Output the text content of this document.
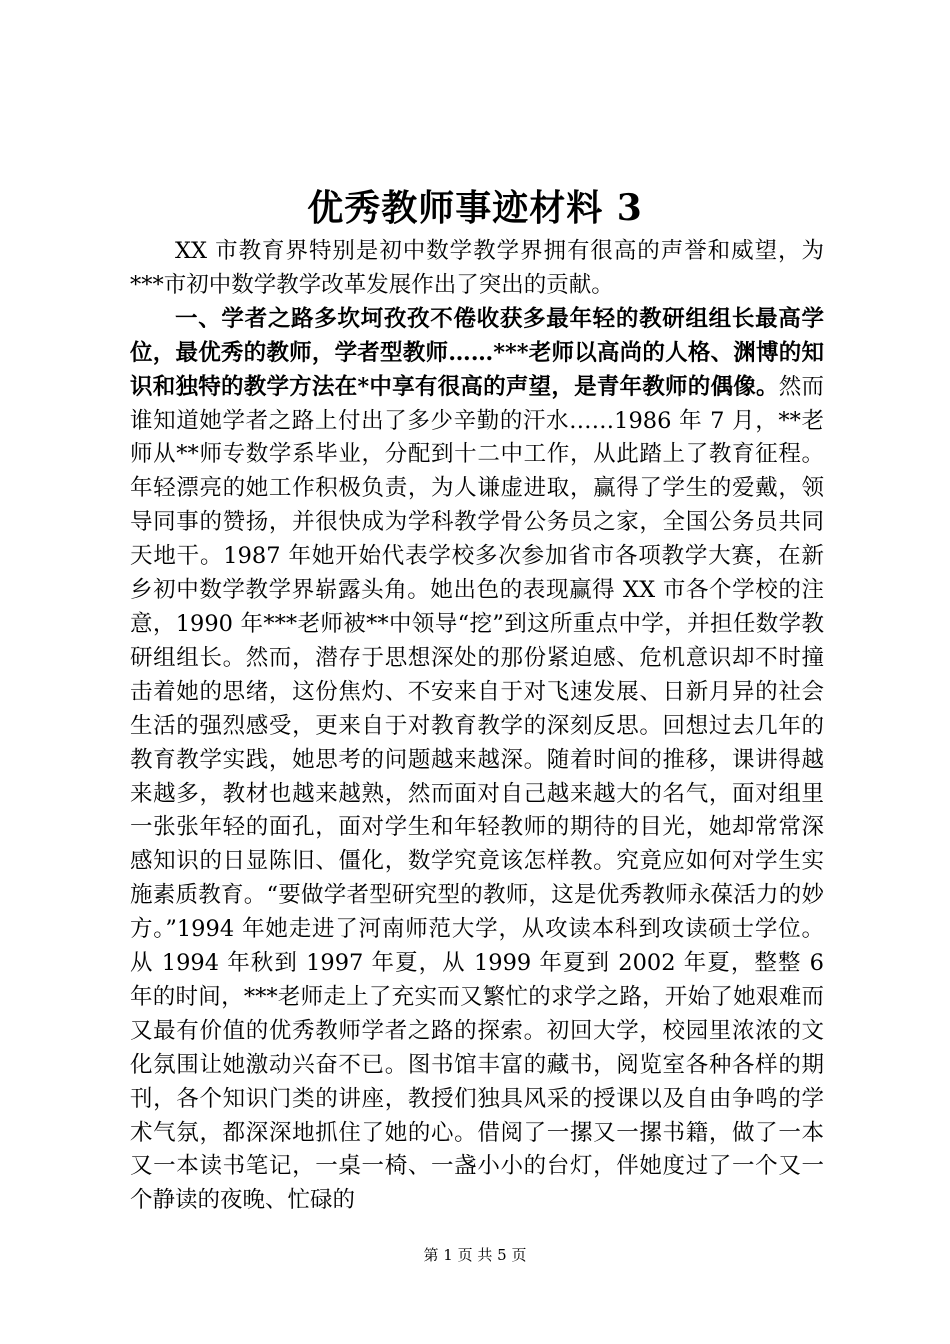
优秀教师事迹材料 3

XX 市教育界特别是初中数学教学界拥有很高的声誉和威望，为***市初中数学教学改革发展作出了突出的贡献。

一、学者之路多坎坷孜孜不倦收获多最年轻的教研组组长最高学位，最优秀的教师，学者型教师……***老师以高尚的人格、渊博的知识和独特的教学方法在*中享有很高的声望，是青年教师的偶像。然而谁知道她学者之路上付出了多少辛勤的汗水……1986 年 7 月，**老师从**师专数学系毕业，分配到十二中工作，从此踏上了教育征程。年轻漂亮的她工作积极负责，为人谦虚进取，赢得了学生的爱戴，领导同事的赞扬，并很快成为学科教学骨公务员之家，全国公务员共同天地干。1987 年她开始代表学校多次参加省市各项教学大赛，在新乡初中数学教学界崭露头角。她出色的表现赢得 XX 市各个学校的注意，1990 年***老师被**中领导“挖”到这所重点中学，并担任数学教研组组长。然而，潜存于思想深处的那份紧迫感、危机意识却不时撞击着她的思绪，这份焦灼、不安来自于对飞速发展、日新月异的社会生活的强烈感受，更来自于对教育教学的深刻反思。回想过去几年的教育教学实践，她思考的问题越来越深。随着时间的推移，课讲得越来越多，教材也越来越熟，然而面对自己越来越大的名气，面对组里一张张年轻的面孔，面对学生和年轻教师的期待的目光，她却常常深感知识的日显陈旧、僵化，数学究竟该怎样教。究竟应如何对学生实施素质教育。“要做学者型研究型的教师，这是优秀教师永葆活力的妙方。”1994 年她走进了河南师范大学，从攻读本科到攻读硕士学位。从 1994 年秋到 1997 年夏，从 1999 年夏到 2002 年夏，整整 6 年的时间，***老师走上了充实而又繁忙的求学之路，开始了她艰难而又最有价值的优秀教师学者之路的探索。初回大学，校园里浓浓的文化氛围让她激动兴奋不已。图书馆丰富的藏书，阅览室各种各样的期刊，各个知识门类的讲座，教授们独具风采的授课以及自由争鸣的学术气氛，都深深地抓住了她的心。借阅了一摞又一摞书籍，做了一本又一本读书笔记，一桌一椅、一盏小小的台灯，伴她度过了一个又一个静读的夜晚、忙碌的

第 1 页 共 5 页
